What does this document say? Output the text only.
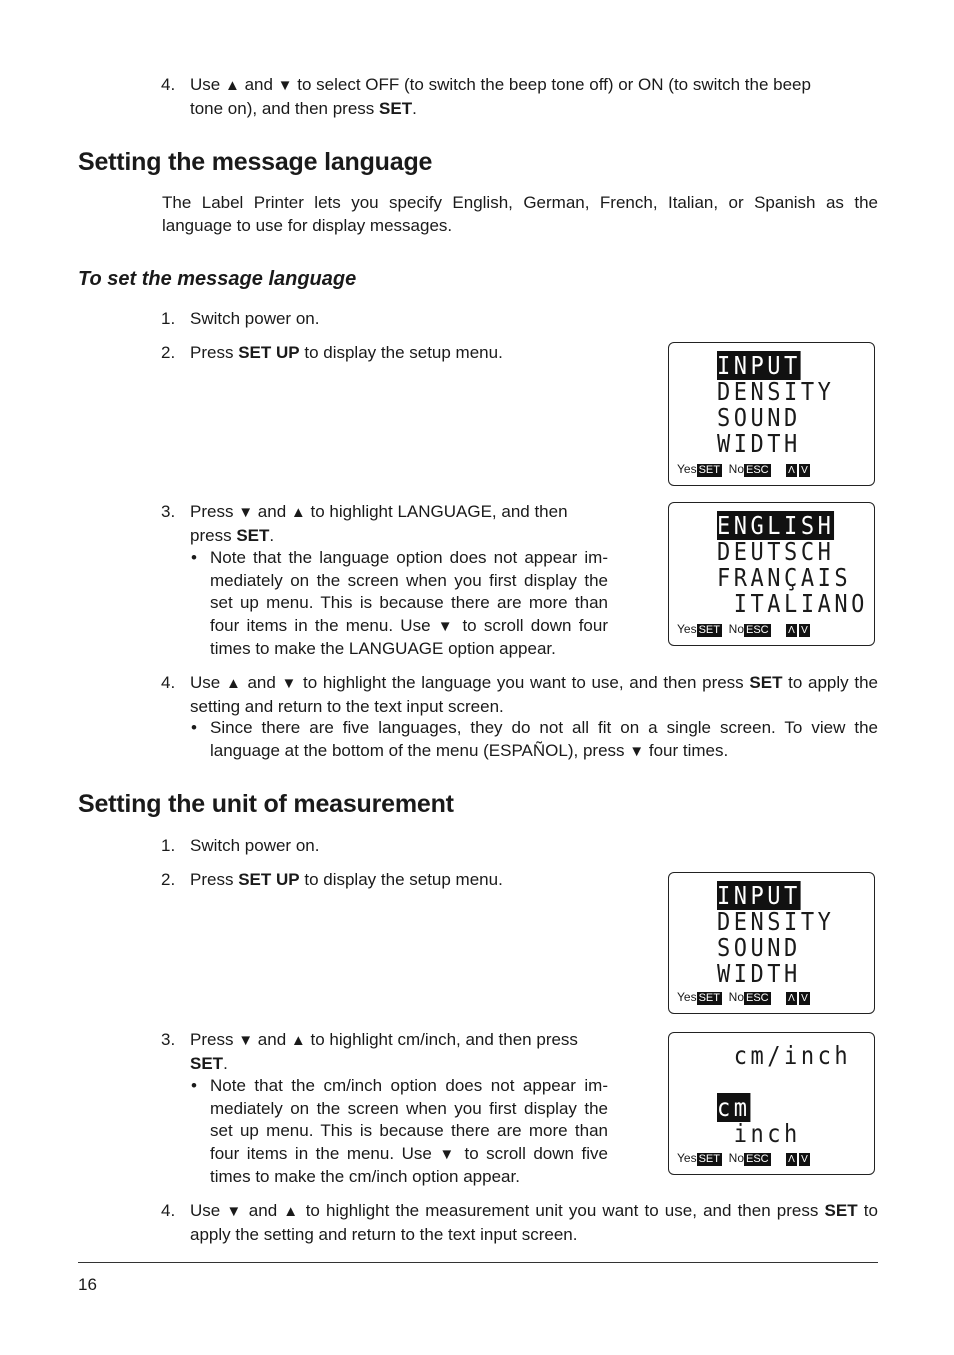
4. Use ▲ and ▼ to select OFF (to switch the beep tone off) or ON (to switch the beep
tone on), and then press SET.
Setting the message language
The Label Printer lets you specify English, German, French, Italian, or Spanish as the language to use for display messages.
To set the message language
1. Switch power on.
2. Press SET UP to display the setup menu.	INPUT
DENSITY
SOUND
WIDTH
Yes SET No ESC Λ V
3. Press ▼ and ▲ to highlight LANGUAGE, and then press SET.
• Note that the language option does not appear im-mediately on the screen when you first display the set up menu. This is because there are more than four items in the menu. Use ▼ to scroll down four times to make the LANGUAGE option appear.
ENGLISH
DEUTSCH
FRANÇAIS
ITALIANO
Yes SET No ESC Λ V
4. Use ▲ and ▼ to highlight the language you want to use, and then press SET to apply the setting and return to the text input screen.
• Since there are five languages, they do not all fit on a single screen. To view the language at the bottom of the menu (ESPAÑOL), press ▼ four times.
Setting the unit of measurement
1. Switch power on.
2. Press SET UP to display the setup menu.
INPUT
DENSITY
SOUND
WIDTH
Yes SET No ESC Λ V
3. Press ▼ and ▲ to highlight cm/inch, and then press SET.
• Note that the cm/inch option does not appear im-mediately on the screen when you first display the set up menu. This is because there are more than four items in the menu. Use ▼ to scroll down five times to make the cm/inch option appear.
cm/inch
cm
inch
Yes SET No ESC Λ V
4. Use ▼ and ▲ to highlight the measurement unit you want to use, and then press SET to apply the setting and return to the text input screen.
16
